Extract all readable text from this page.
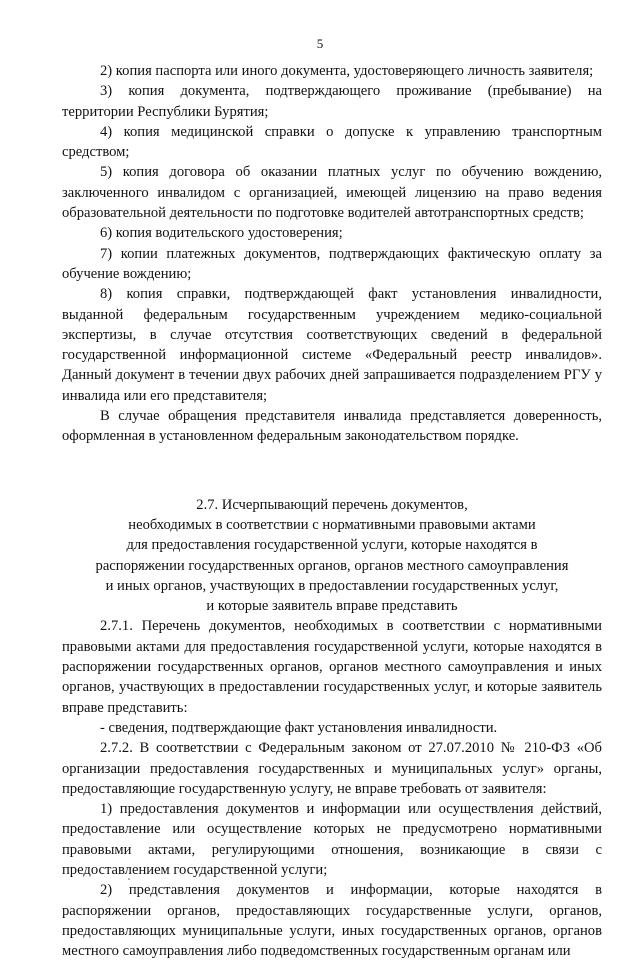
5

2) копия паспорта или иного документа, удостоверяющего личность заявителя;

3) копия документа, подтверждающего проживание (пребывание) на территории Республики Бурятия;

4) копия медицинской справки о допуске к управлению транспортным средством;

5) копия договора об оказании платных услуг по обучению вождению, заключенного инвалидом с организацией, имеющей лицензию на право ведения образовательной деятельности по подготовке водителей автотранспортных средств;

6) копия водительского удостоверения;

7) копии платежных документов, подтверждающих фактическую оплату за обучение вождению;

8) копия справки, подтверждающей факт установления инвалидности, выданной федеральным государственным учреждением медико-социальной экспертизы, в случае отсутствия соответствующих сведений в федеральной государственной информационной системе «Федеральный реестр инвалидов». Данный документ в течении двух рабочих дней запрашивается подразделением РГУ у инвалида или его представителя;

В случае обращения представителя инвалида представляется доверенность, оформленная в установленном федеральным законодательством порядке.

2.7. Исчерпывающий перечень документов,
необходимых в соответствии с нормативными правовыми актами
для предоставления государственной услуги, которые находятся в
распоряжении государственных органов, органов местного самоуправления
и иных органов, участвующих в предоставлении государственных услуг,
и которые заявитель вправе представить

2.7.1. Перечень документов, необходимых в соответствии с нормативными правовыми актами для предоставления государственной услуги, которые находятся в распоряжении государственных органов, органов местного самоуправления и иных органов, участвующих в предоставлении государственных услуг, и которые заявитель вправе представить:

- сведения, подтверждающие факт установления инвалидности.

2.7.2. В соответствии с Федеральным законом от 27.07.2010 № 210-ФЗ «Об организации предоставления государственных и муниципальных услуг» органы, предоставляющие государственную услугу, не вправе требовать от заявителя:

1) предоставления документов и информации или осуществления действий, предоставление или осуществление которых не предусмотрено нормативными правовыми актами, регулирующими отношения, возникающие в связи с предоставлением государственной услуги;

2) представления документов и информации, которые находятся в распоряжении органов, предоставляющих государственные услуги, органов, предоставляющих муниципальные услуги, иных государственных органов, органов местного самоуправления либо подведомственных государственным органам или
